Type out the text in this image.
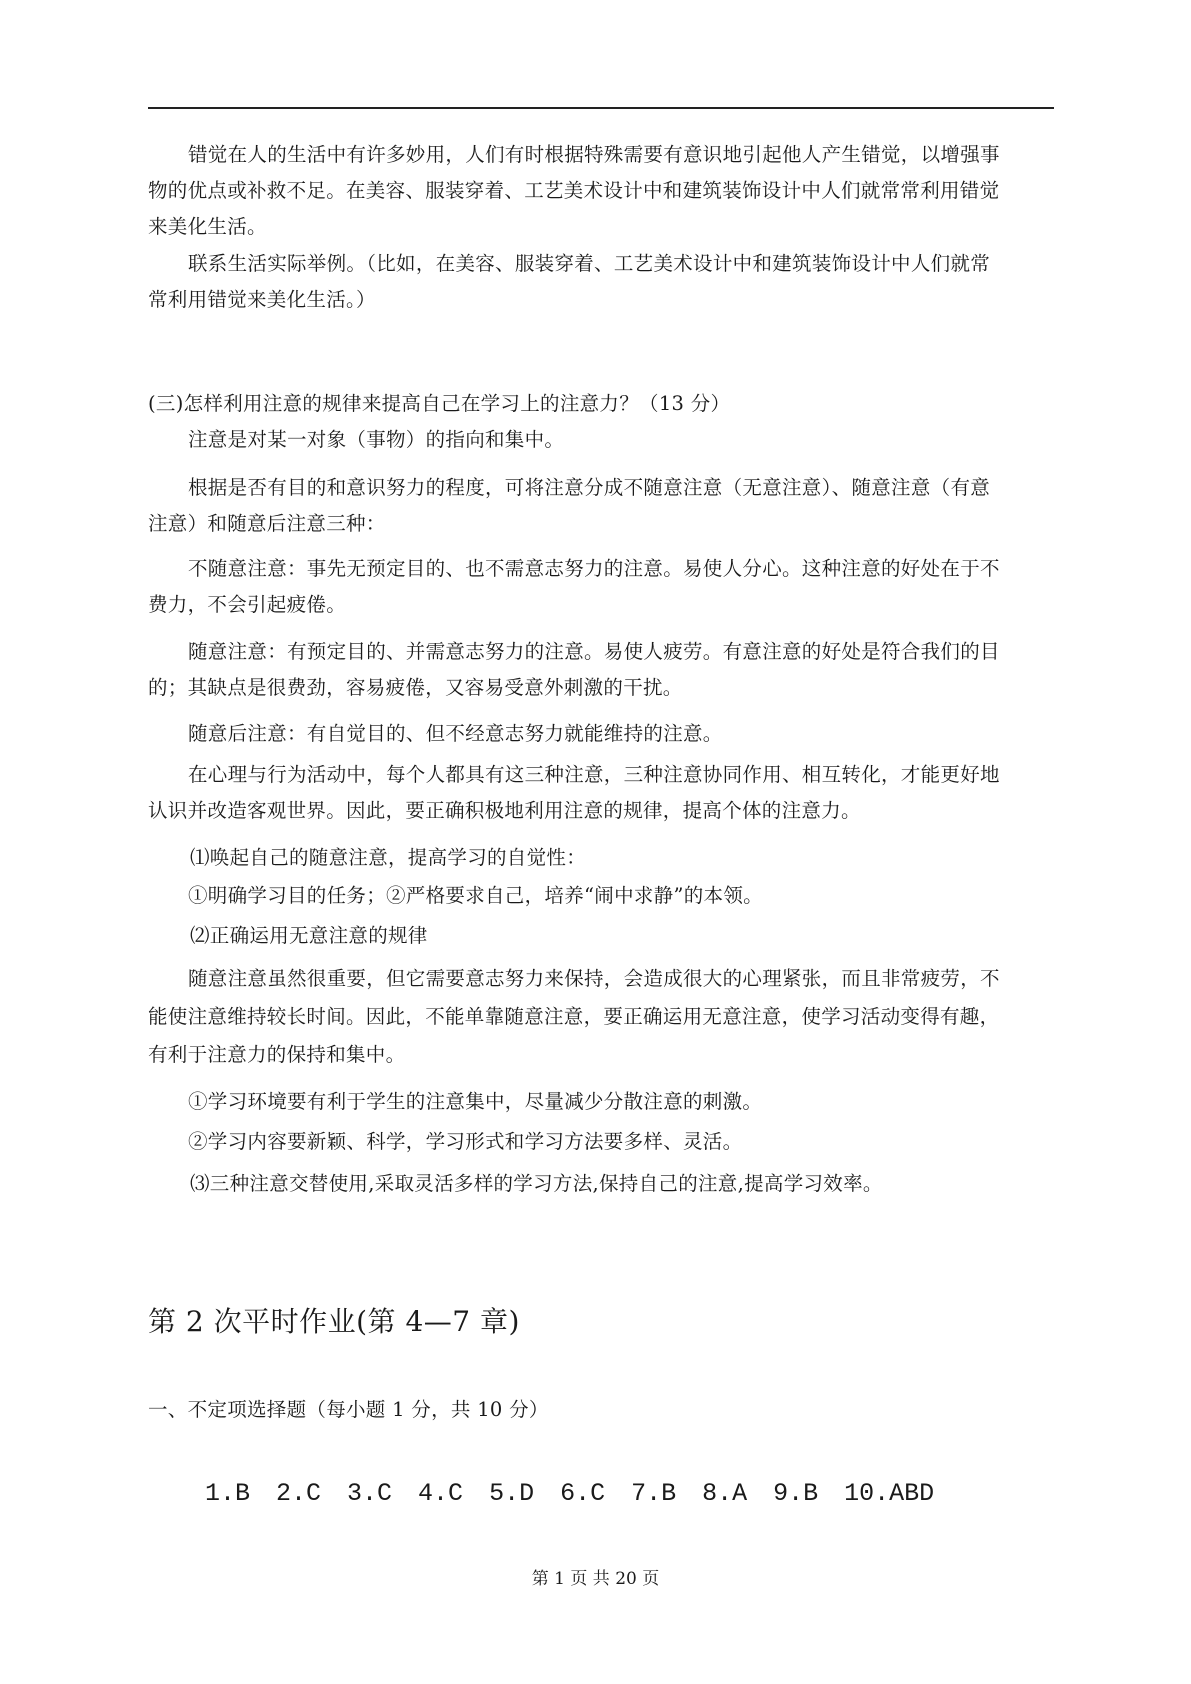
错觉在人的生活中有许多妙用，人们有时根据特殊需要有意识地引起他人产生错觉，以增强事
物的优点或补救不足。在美容、服装穿着、工艺美术设计中和建筑装饰设计中人们就常常利用错觉
来美化生活。
联系生活实际举例。（比如，在美容、服装穿着、工艺美术设计中和建筑装饰设计中人们就常
常利用错觉来美化生活。）
(三)怎样利用注意的规律来提高自己在学习上的注意力？（13 分）
注意是对某一对象（事物）的指向和集中。
根据是否有目的和意识努力的程度，可将注意分成不随意注意（无意注意）、随意注意（有意
注意）和随意后注意三种：
不随意注意：事先无预定目的、也不需意志努力的注意。易使人分心。这种注意的好处在于不
费力，不会引起疲倦。
随意注意：有预定目的、并需意志努力的注意。易使人疲劳。有意注意的好处是符合我们的目
的；其缺点是很费劲，容易疲倦，又容易受意外刺激的干扰。
随意后注意：有自觉目的、但不经意志努力就能维持的注意。
在心理与行为活动中，每个人都具有这三种注意，三种注意协同作用、相互转化，才能更好地
认识并改造客观世界。因此，要正确积极地利用注意的规律，提高个体的注意力。
⑴唤起自己的随意注意，提高学习的自觉性：
①明确学习目的任务；②严格要求自己，培养“闹中求静”的本领。
⑵正确运用无意注意的规律
随意注意虽然很重要，但它需要意志努力来保持，会造成很大的心理紧张，而且非常疲劳，不
能使注意维持较长时间。因此，不能单靠随意注意，要正确运用无意注意，使学习活动变得有趣，
有利于注意力的保持和集中。
①学习环境要有利于学生的注意集中，尽量减少分散注意的刺激。
②学习内容要新颖、科学，学习形式和学习方法要多样、灵活。
⑶三种注意交替使用,采取灵活多样的学习方法,保持自己的注意,提高学习效率。
第 2 次平时作业(第 4—7 章)
一、不定项选择题（每小题 1 分，共 10 分）
1.B 2.C 3.C 4.C 5.D 6.C 7.B 8.A 9.B 10.ABD
第 1 页 共 20 页
